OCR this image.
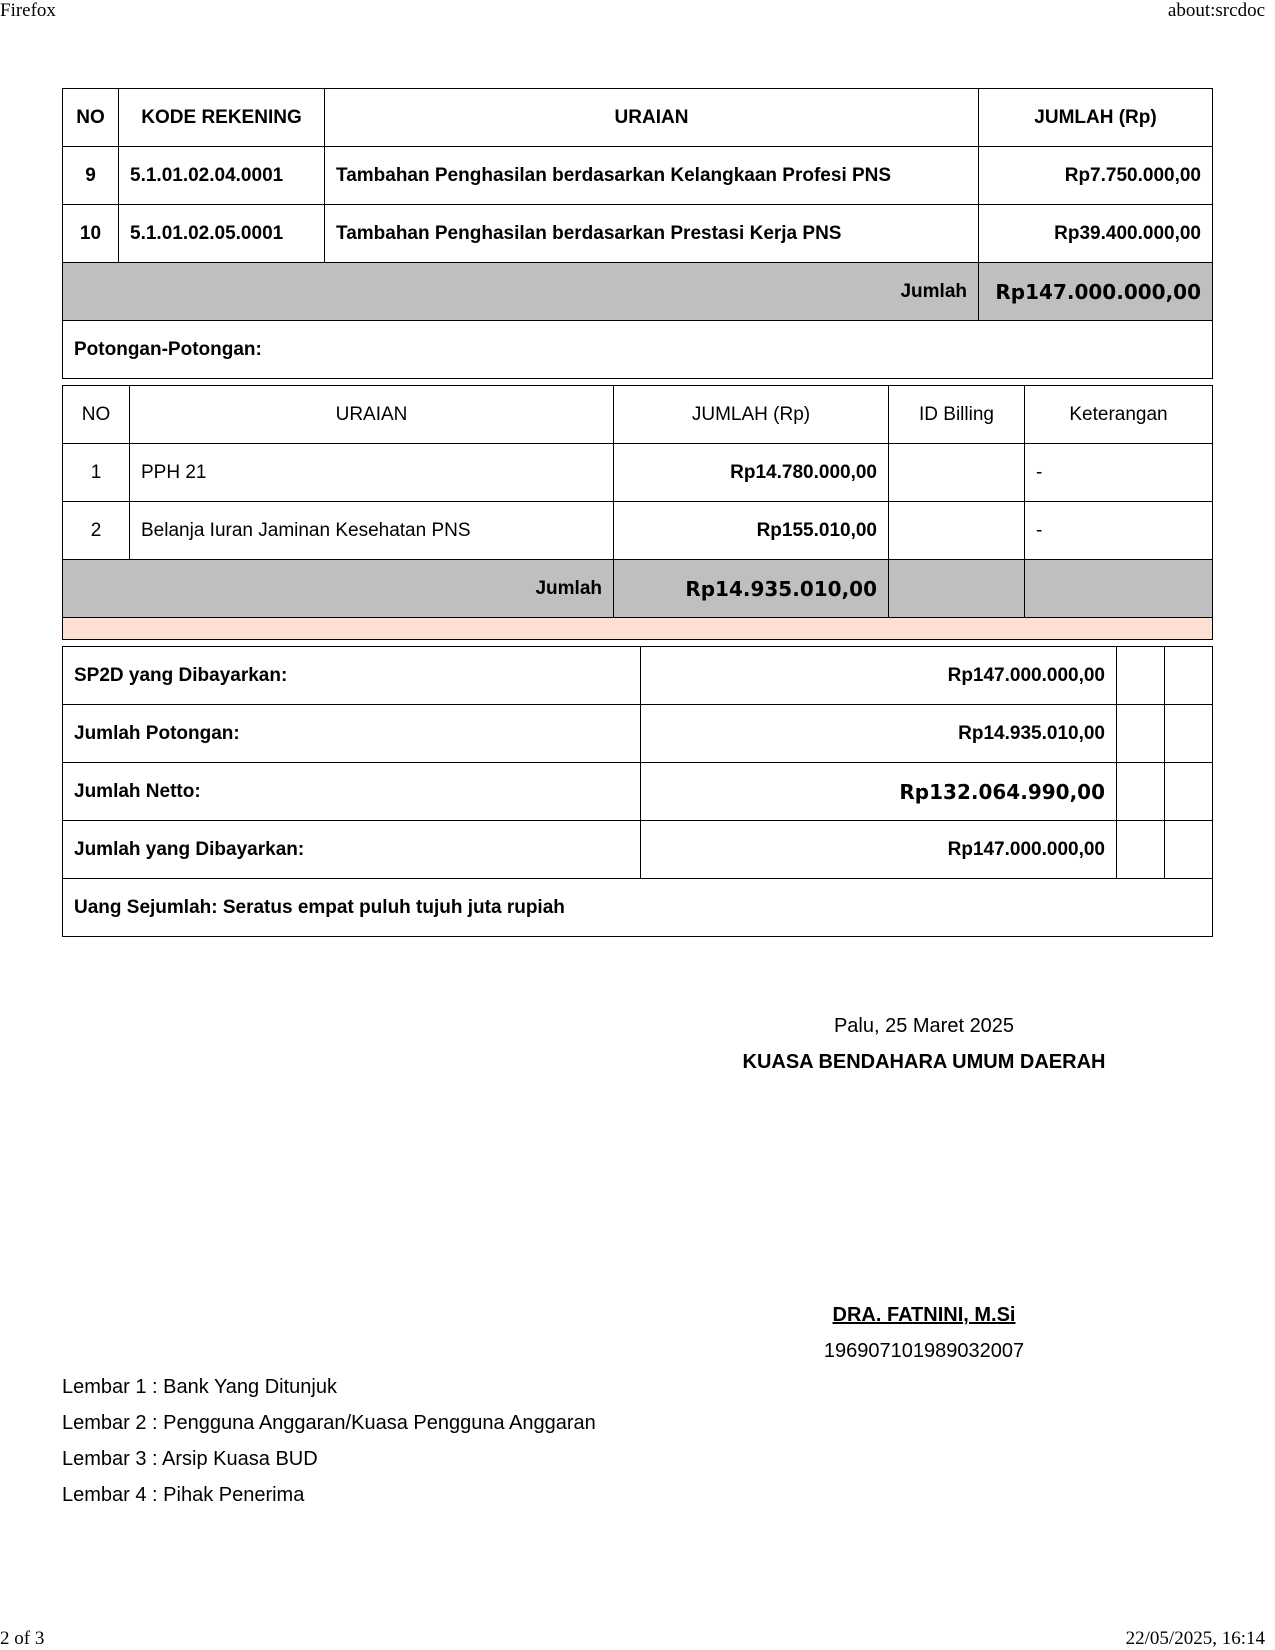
Firefox	about:srcdoc
NO	KODE REKENING	URAIAN	JUMLAH (Rp)
9	5.1.01.02.04.0001	Tambahan Penghasilan berdasarkan Kelangkaan Profesi PNS	Rp7.750.000,00
10	5.1.01.02.05.0001	Tambahan Penghasilan berdasarkan Prestasi Kerja PNS	Rp39.400.000,00
Jumlah			Rp147.000.000,00
Potongan-Potongan:			
NO	URAIAN	JUMLAH (Rp)	ID Billing	Keterangan
1	PPH 21	Rp14.780.000,00		-
2	Belanja Iuran Jaminan Kesehatan PNS	Rp155.010,00		-
Jumlah		Rp14.935.010,00		

SP2D yang Dibayarkan:	Rp147.000.000,00		
Jumlah Potongan:	Rp14.935.010,00		
Jumlah Netto:	Rp132.064.990,00		
Jumlah yang Dibayarkan:	Rp147.000.000,00		
Uang Sejumlah: Seratus empat puluh tujuh juta rupiah			
Palu, 25 Maret 2025
KUASA BENDAHARA UMUM DAERAH
DRA. FATNINI, M.Si
196907101989032007
Lembar 1 : Bank Yang Ditunjuk
Lembar 2 : Pengguna Anggaran/Kuasa Pengguna Anggaran
Lembar 3 : Arsip Kuasa BUD
Lembar 4 : Pihak Penerima
2 of 3	22/05/2025, 16:14
